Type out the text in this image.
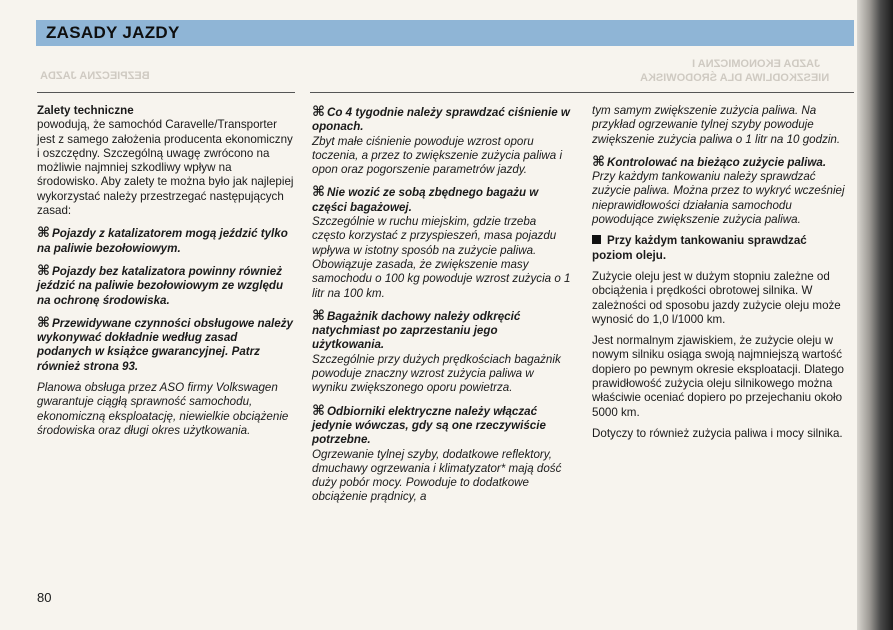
ZASADY JAZDY
BEZPIECZNA JAZDA
JAZDA EKONOMICZNA I
NIESZKODLIWA DLA ŚRODOWISKA

Zalety techniczne
powodują, że samochód Caravelle/Transporter jest z samego założenia producenta ekonomiczny i oszczędny. Szczególną uwagę zwrócono na możliwie najmniej szkodliwy wpływ na środowisko. Aby zalety te można było jak najlepiej wykorzystać należy przestrzegać następujących zasad:

⌘ Pojazdy z katalizatorem mogą jeździć tylko na paliwie bezołowiowym.

⌘ Pojazdy bez katalizatora powinny również jeździć na paliwie bezołowiowym ze względu na ochronę środowiska.

⌘ Przewidywane czynności obsługowe należy wykonywać dokładnie według zasad podanych w książce gwarancyjnej. Patrz również strona 93.

Planowa obsługa przez ASO firmy Volkswagen gwarantuje ciągłą sprawność samochodu, ekonomiczną eksploatację, niewielkie obciążenie środowiska oraz długi okres użytkowania.

⌘ Co 4 tygodnie należy sprawdzać ciśnienie w oponach.
Zbyt małe ciśnienie powoduje wzrost oporu toczenia, a przez to zwiększenie zużycia paliwa i opon oraz pogorszenie parametrów jazdy.

⌘ Nie wozić ze sobą zbędnego bagażu w części bagażowej.
Szczególnie w ruchu miejskim, gdzie trzeba często korzystać z przyspieszeń, masa pojazdu wpływa w istotny sposób na zużycie paliwa. Obowiązuje zasada, że zwiększenie masy samochodu o 100 kg powoduje wzrost zużycia o 1 litr na 100 km.

⌘ Bagażnik dachowy należy odkręcić natychmiast po zaprzestaniu jego użytkowania.
Szczególnie przy dużych prędkościach bagażnik powoduje znaczny wzrost zużycia paliwa w wyniku zwiększonego oporu powietrza.

⌘ Odbiorniki elektryczne należy włączać jedynie wówczas, gdy są one rzeczywiście potrzebne.
Ogrzewanie tylnej szyby, dodatkowe reflektory, dmuchawy ogrzewania i klimatyzator* mają dość duży pobór mocy. Powoduje to dodatkowe obciążenie prądnicy, a

tym samym zwiększenie zużycia paliwa. Na przykład ogrzewanie tylnej szyby powoduje zwiększenie zużycia paliwa o 1 litr na 10 godzin.

⌘ Kontrolować na bieżąco zużycie paliwa.
Przy każdym tankowaniu należy sprawdzać zużycie paliwa. Można przez to wykryć wcześniej nieprawidłowości działania samochodu powodujące zwiększenie zużycia paliwa.

Przy każdym tankowaniu sprawdzać poziom oleju.

Zużycie oleju jest w dużym stopniu zależne od obciążenia i prędkości obrotowej silnika. W zależności od sposobu jazdy zużycie oleju może wynosić do 1,0 l/1000 km.

Jest normalnym zjawiskiem, że zużycie oleju w nowym silniku osiąga swoją najmniejszą wartość dopiero po pewnym okresie eksploatacji. Dlatego prawidłowość zużycia oleju silnikowego można właściwie oceniać dopiero po przejechaniu około 5000 km.

Dotyczy to również zużycia paliwa i mocy silnika.

80
